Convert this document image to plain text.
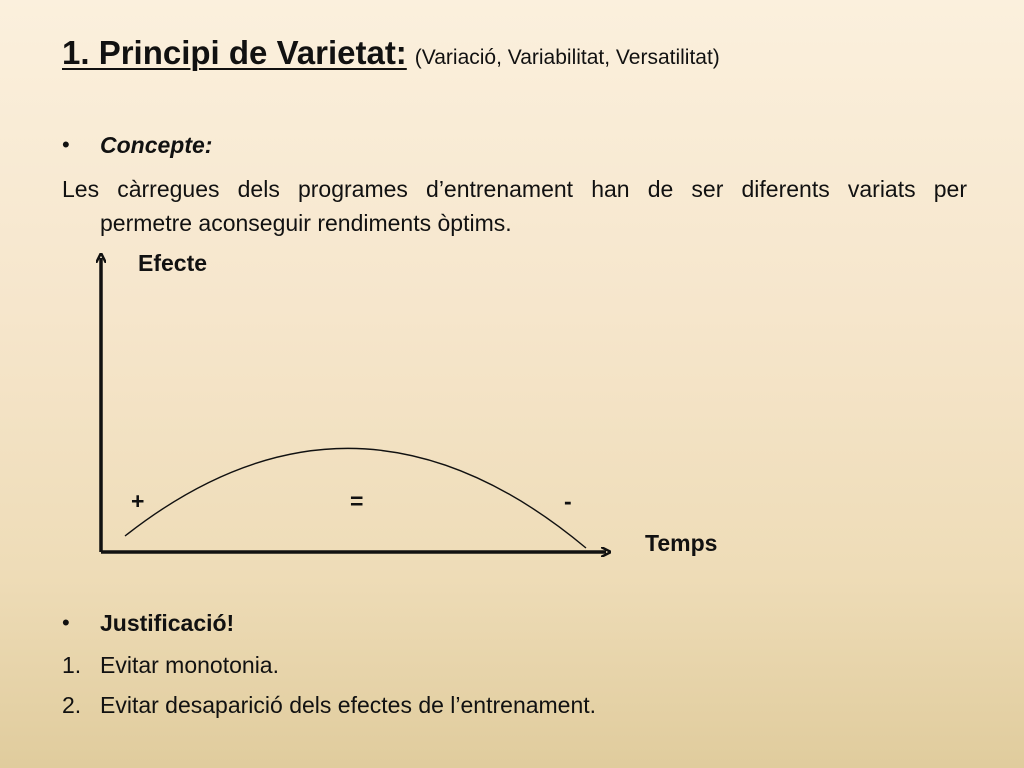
1. Principi de Varietat: (Variació, Variabilitat, Versatilitat)
• Concepte:
Les càrregues dels programes d’entrenament han de ser diferents variats per
permetre aconseguir rendiments òptims.
Efecte
Temps
+	=	-
• Justificació!
1. Evitar monotonia.
2. Evitar desaparició dels efectes de l’entrenament.
